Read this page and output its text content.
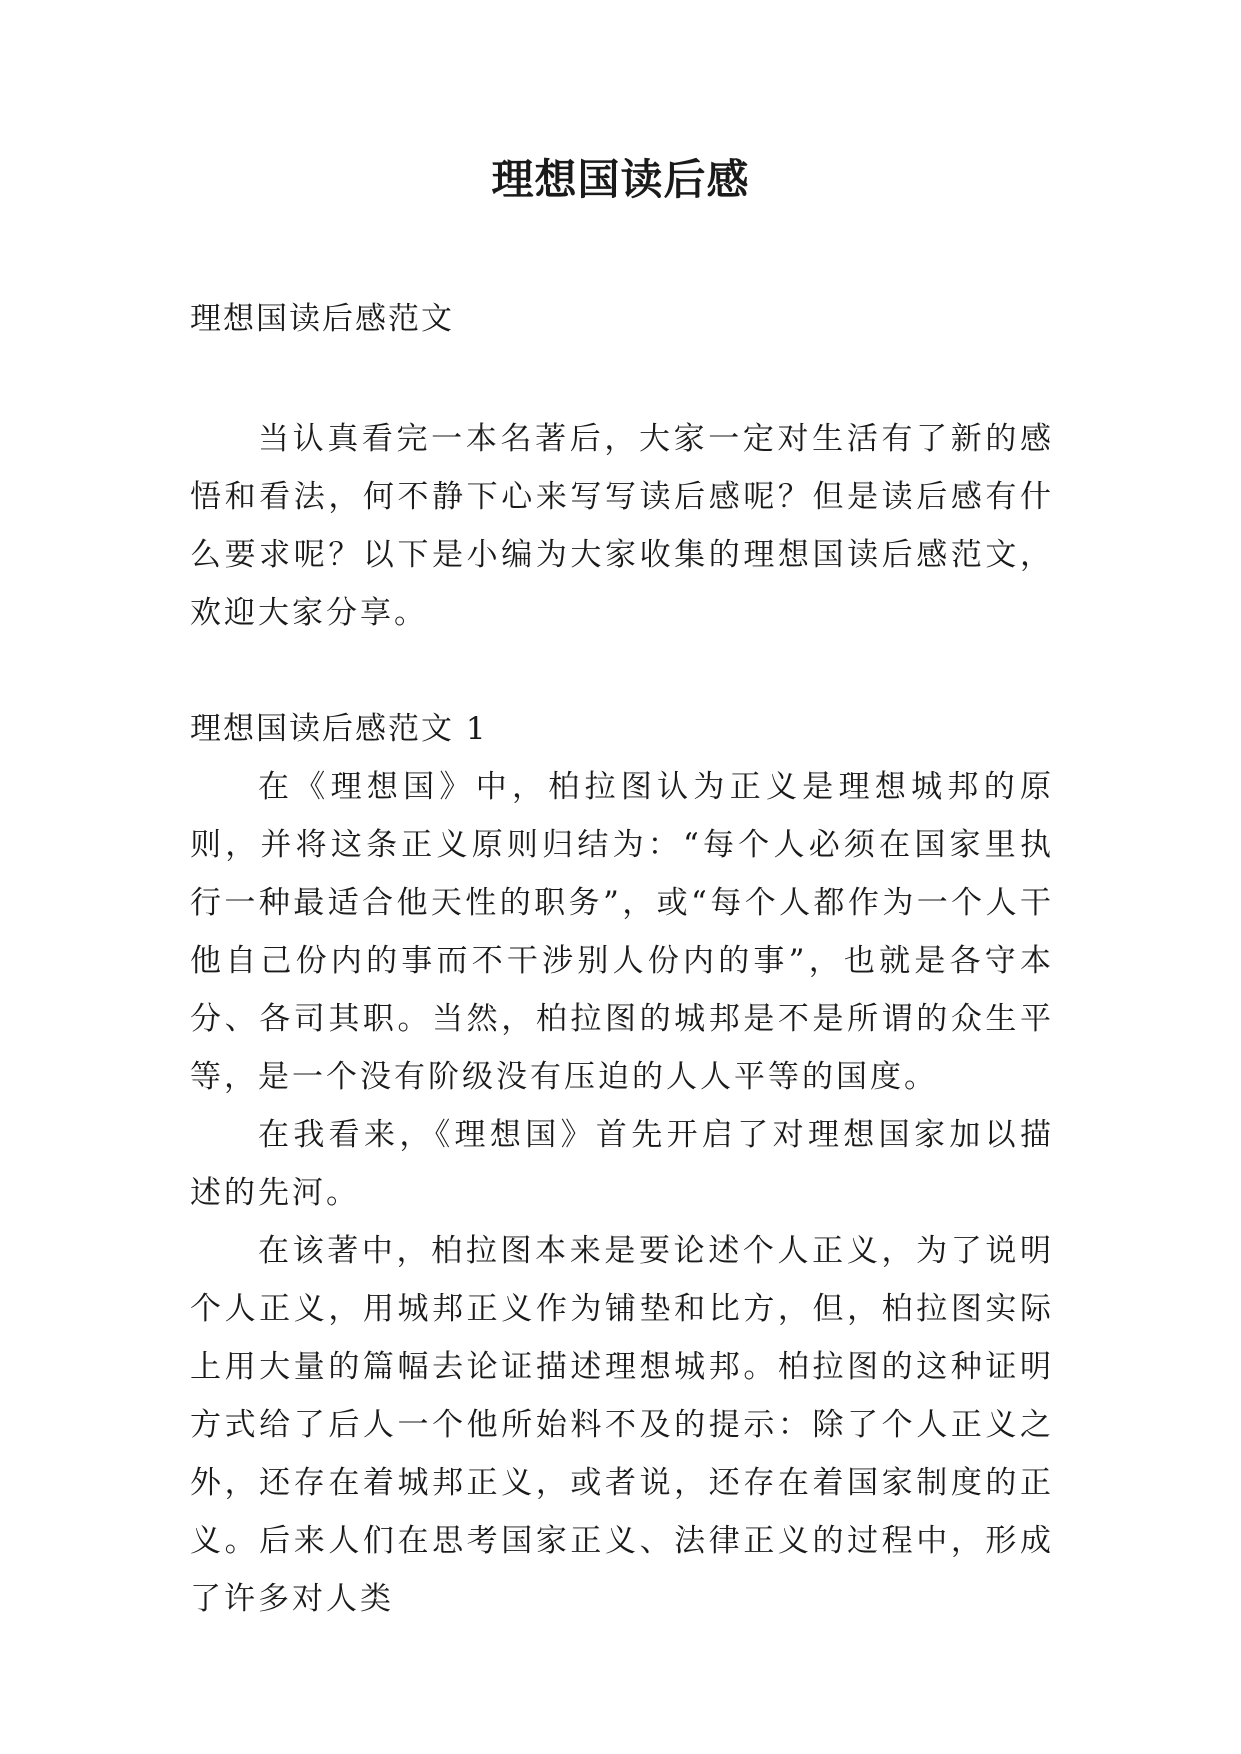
理想国读后感

理想国读后感范文

当认真看完一本名著后，大家一定对生活有了新的感悟和看法，何不静下心来写写读后感呢？但是读后感有什么要求呢？以下是小编为大家收集的理想国读后感范文，欢迎大家分享。

理想国读后感范文 1

在《理想国》中，柏拉图认为正义是理想城邦的原则，并将这条正义原则归结为：“每个人必须在国家里执行一种最适合他天性的职务”，或“每个人都作为一个人干他自己份内的事而不干涉别人份内的事”，也就是各守本分、各司其职。当然，柏拉图的城邦是不是所谓的众生平等，是一个没有阶级没有压迫的人人平等的国度。

在我看来，《理想国》首先开启了对理想国家加以描述的先河。

在该著中，柏拉图本来是要论述个人正义，为了说明个人正义，用城邦正义作为铺垫和比方，但，柏拉图实际上用大量的篇幅去论证描述理想城邦。柏拉图的这种证明方式给了后人一个他所始料不及的提示：除了个人正义之外，还存在着城邦正义，或者说，还存在着国家制度的正义。后来人们在思考国家正义、法律正义的过程中，形成了许多对人类
